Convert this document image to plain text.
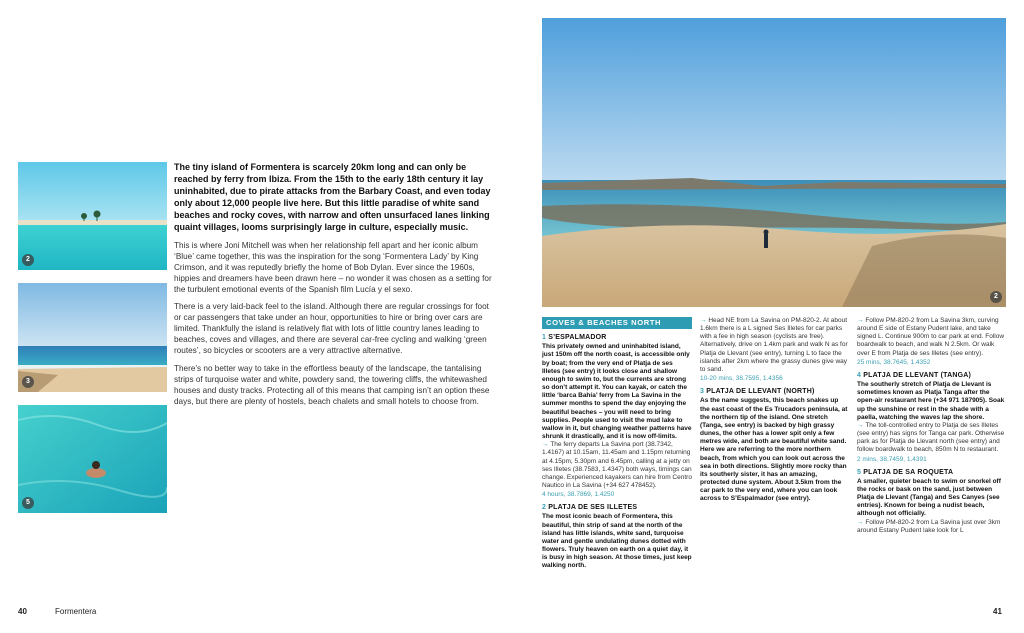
2
3
5
2

The tiny island of Formentera is scarcely 20km long and can only be reached by ferry from Ibiza. From the 15th to the early 18th century it lay uninhabited, due to pirate attacks from the Barbary Coast, and even today only about 12,000 people live here. But this little paradise of white sand beaches and rocky coves, with narrow and often unsurfaced lanes linking quaint villages, looms surprisingly large in culture, especially music.

This is where Joni Mitchell was when her relationship fell apart and her iconic album ‘Blue’ came together, this was the inspiration for the song ‘Formentera Lady’ by King Crimson, and it was reputedly briefly the home of Bob Dylan. Ever since the 1960s, hippies and dreamers have been drawn here – no wonder it was chosen as a setting for the turbulent emotional events of the Spanish film Lucía y el sexo.

There is a very laid-back feel to the island. Although there are regular crossings for foot or car passengers that take under an hour, opportunities to hire or bring over cars are limited. Thankfully the island is relatively flat with lots of little country lanes leading to beaches, coves and villages, and there are several car-free cycling and walking ‘green routes’, so bicycles or scooters are a very attractive alternative.

There’s no better way to take in the effortless beauty of the landscape, the tantalising strips of turquoise water and white, powdery sand, the towering cliffs, the whitewashed houses and dusty tracks. Protecting all of this means that camping isn’t an option these days, but there are plenty of hostels, beach chalets and small hotels to choose from.

COVES & BEACHES NORTH
1 S’ESPALMADOR

This privately owned and uninhabited island, just 150m off the north coast, is accessible only by boat; from the very end of Platja de ses Illetes (see entry) it looks close and shallow enough to swim to, but the currents are strong so don’t attempt it. You can kayak, or catch the little ‘barca Bahía’ ferry from La Savina in the summer months to spend the day enjoying the beautiful beaches – you will need to bring supplies. People used to visit the mud lake to wallow in it, but changing weather patterns have shrunk it drastically, and it is now off-limits.

→ The ferry departs La Savina port (38.7342, 1.4167) at 10.15am, 11.45am and 1.15pm returning at 4.15pm, 5.30pm and 6.45pm, calling at a jetty on ses Illetes (38.7583, 1.4347) both ways, timings can change. Experienced kayakers can hire from Centro Nautico in La Savina (+34 627 478452).

4 hours, 38.7869, 1.4250

2 PLATJA DE SES ILLETES

The most iconic beach of Formentera, this beautiful, thin strip of sand at the north of the island has little islands, white sand, turquoise water and gentle undulating dunes dotted with flowers. Truly heaven on earth on a quiet day, it is busy in high season. At those times, just keep walking north.

→ Head NE from La Savina on PM-820-2. At about 1.6km there is a L signed Ses Illetes for car parks with a fee in high season (cyclists are free). Alternatively, drive on 1.4km park and walk N as for Platja de Llevant (see entry), turning L to face the islands after 2km where the grassy dunes give way to sand.

10-20 mins, 38.7595, 1.4356

3 PLATJA DE LLEVANT (NORTH)

As the name suggests, this beach snakes up the east coast of the Es Trucadors peninsula, at the northern tip of the island. One stretch (Tanga, see entry) is backed by high grassy dunes, the other has a lower spit only a few metres wide, and both are beautiful white sand. Here we are referring to the more northern beach, from which you can look out across the sea in both directions. Slightly more rocky than its southerly sister, it has an amazing, protected dune system. About 3.5km from the car park to the very end, where you can look across to S’Espalmador (see entry).

→ Follow PM-820-2 from La Savina 3km, curving around E side of Estany Pudent lake, and take signed L. Continue 900m to car park at end. Follow boardwalk to beach, and walk N 2.5km. Or walk over E from Platja de ses Illetes (see entry).

25 mins, 38.7645, 1.4352

4 PLATJA DE LLEVANT (TANGA)

The southerly stretch of Platja de Llevant is sometimes known as Platja Tanga after the open-air restaurant here (+34 971 187905). Soak up the sunshine or rest in the shade with a paella, watching the waves lap the shore.

→ The toll-controlled entry to Platja de ses Illetes (see entry) has signs for Tanga car park. Otherwise park as for Platja de Llevant north (see entry) and follow boardwalk to beach, 850m N to restaurant.

2 mins, 38.7459, 1.4391

5 PLATJA DE SA ROQUETA

A smaller, quieter beach to swim or snorkel off the rocks or bask on the sand, just between Platja de Llevant (Tanga) and Ses Canyes (see entries). Known for being a nudist beach, although not officially.

→ Follow PM-820-2 from La Savina just over 3km around Estany Pudent lake look for L

40	Formentera	41
